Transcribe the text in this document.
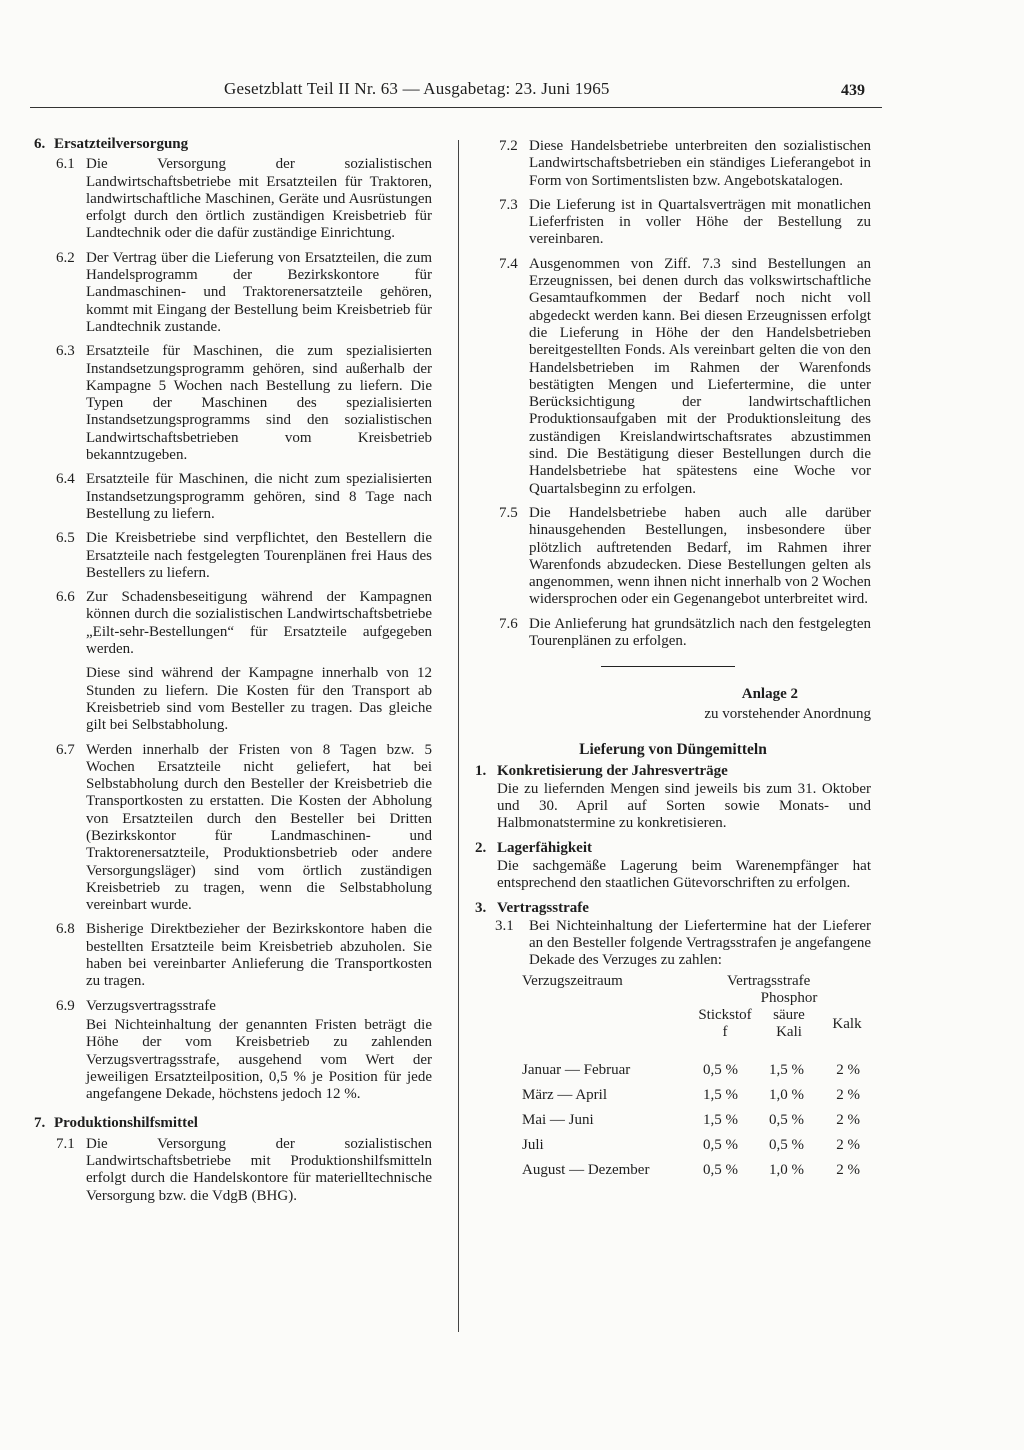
Gesetzblatt Teil II Nr. 63 — Ausgabetag: 23. Juni 1965	439
6. Ersatzteilversorgung
6.1 Die Versorgung der sozialistischen Landwirtschaftsbetriebe mit Ersatzteilen für Traktoren, landwirtschaftliche Maschinen, Geräte und Ausrüstungen erfolgt durch den örtlich zuständigen Kreisbetrieb für Landtechnik oder die dafür zuständige Einrichtung.
6.2 Der Vertrag über die Lieferung von Ersatzteilen, die zum Handelsprogramm der Bezirkskontore für Landmaschinen- und Traktorenersatzteile gehören, kommt mit Eingang der Bestellung beim Kreisbetrieb für Landtechnik zustande.
6.3 Ersatzteile für Maschinen, die zum spezialisierten Instandsetzungsprogramm gehören, sind außerhalb der Kampagne 5 Wochen nach Bestellung zu liefern. Die Typen der Maschinen des spezialisierten Instandsetzungsprogramms sind den sozialistischen Landwirtschaftsbetrieben vom Kreisbetrieb bekanntzugeben.
6.4 Ersatzteile für Maschinen, die nicht zum spezialisierten Instandsetzungsprogramm gehören, sind 8 Tage nach Bestellung zu liefern.
6.5 Die Kreisbetriebe sind verpflichtet, den Bestellern die Ersatzteile nach festgelegten Tourenplänen frei Haus des Bestellers zu liefern.
6.6 Zur Schadensbeseitigung während der Kampagnen können durch die sozialistischen Landwirtschaftsbetriebe „Eilt-sehr-Bestellungen“ für Ersatzteile aufgegeben werden.
Diese sind während der Kampagne innerhalb von 12 Stunden zu liefern. Die Kosten für den Transport ab Kreisbetrieb sind vom Besteller zu tragen. Das gleiche gilt bei Selbstabholung.
6.7 Werden innerhalb der Fristen von 8 Tagen bzw. 5 Wochen Ersatzteile nicht geliefert, hat bei Selbstabholung durch den Besteller der Kreisbetrieb die Transportkosten zu erstatten. Die Kosten der Abholung von Ersatzteilen durch den Besteller bei Dritten (Bezirkskontor für Landmaschinen- und Traktorenersatzteile, Produktionsbetrieb oder andere Versorgungsläger) sind vom örtlich zuständigen Kreisbetrieb zu tragen, wenn die Selbstabholung vereinbart wurde.
6.8 Bisherige Direktbezieher der Bezirkskontore haben die bestellten Ersatzteile beim Kreisbetrieb abzuholen. Sie haben bei vereinbarter Anlieferung die Transportkosten zu tragen.
6.9 Verzugsvertragsstrafe
Bei Nichteinhaltung der genannten Fristen beträgt die Höhe der vom Kreisbetrieb zu zahlenden Verzugsvertragsstrafe, ausgehend vom Wert der jeweiligen Ersatzteilposition, 0,5 % je Position für jede angefangene Dekade, höchstens jedoch 12 %.
7. Produktionshilfsmittel
7.1 Die Versorgung der sozialistischen Landwirtschaftsbetriebe mit Produktionshilfsmitteln erfolgt durch die Handelskontore für materielltechnische Versorgung bzw. die VdgB (BHG).
7.2 Diese Handelsbetriebe unterbreiten den sozialistischen Landwirtschaftsbetrieben ein ständiges Lieferangebot in Form von Sortimentslisten bzw. Angebotskatalogen.
7.3 Die Lieferung ist in Quartalsverträgen mit monatlichen Lieferfristen in voller Höhe der Bestellung zu vereinbaren.
7.4 Ausgenommen von Ziff. 7.3 sind Bestellungen an Erzeugnissen, bei denen durch das volkswirtschaftliche Gesamtaufkommen der Bedarf noch nicht voll abgedeckt werden kann. Bei diesen Erzeugnissen erfolgt die Lieferung in Höhe der den Handelsbetrieben bereitgestellten Fonds. Als vereinbart gelten die von den Handelsbetrieben im Rahmen der Warenfonds bestätigten Mengen und Liefertermine, die unter Berücksichtigung der landwirtschaftlichen Produktionsaufgaben mit der Produktionsleitung des zuständigen Kreislandwirtschaftsrates abzustimmen sind. Die Bestätigung dieser Bestellungen durch die Handelsbetriebe hat spätestens eine Woche vor Quartalsbeginn zu erfolgen.
7.5 Die Handelsbetriebe haben auch alle darüber hinausgehenden Bestellungen, insbesondere über plötzlich auftretenden Bedarf, im Rahmen ihrer Warenfonds abzudecken. Diese Bestellungen gelten als angenommen, wenn ihnen nicht innerhalb von 2 Wochen widersprochen oder ein Gegenangebot unterbreitet wird.
7.6 Die Anlieferung hat grundsätzlich nach den festgelegten Tourenplänen zu erfolgen.
Anlage 2
zu vorstehender Anordnung
Lieferung von Düngemitteln
1. Konkretisierung der Jahresverträge
Die zu liefernden Mengen sind jeweils bis zum 31. Oktober und 30. April auf Sorten sowie Monats- und Halbmonatstermine zu konkretisieren.
2. Lagerfähigkeit
Die sachgemäße Lagerung beim Warenempfänger hat entsprechend den staatlichen Gütevorschriften zu erfolgen.
3. Vertragsstrafe
3.1	Bei Nichteinhaltung der Liefertermine hat der Lieferer an den Besteller folgende Vertragsstrafen je angefangene Dekade des Verzuges zu zahlen:
Verzugszeitraum	Vertragsstrafe
Stickstoff
Phosphorsäure Kali	Kalk
Januar — Februar	0,5 %	1,5 %	2 %
März — April	1,5 %	1,0 %	2 %
Mai — Juni	1,5 %	0,5 %	2 %
Juli	0,5 %	0,5 %	2 %
August — Dezember	0,5 %	1,0 %	2 %
